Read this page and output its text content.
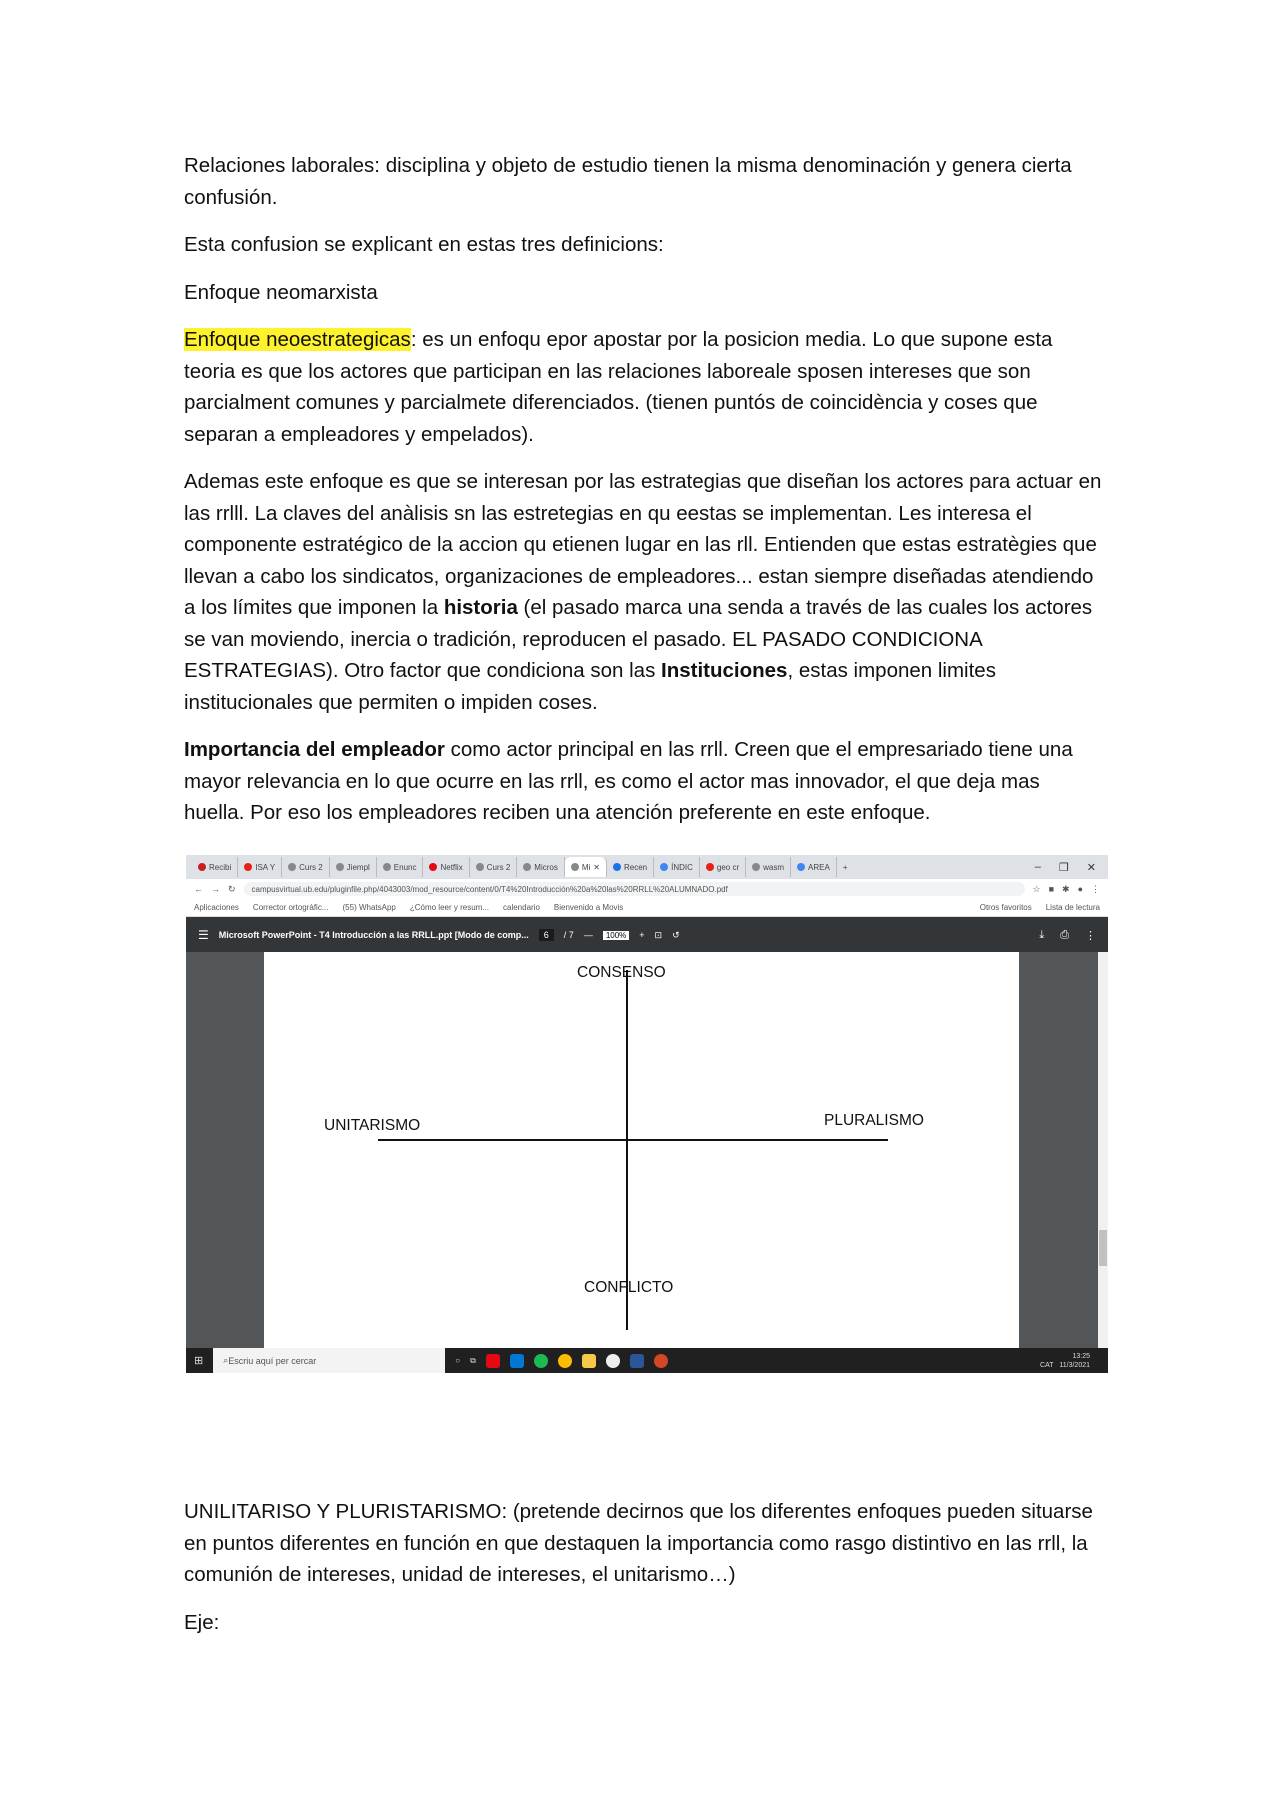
Relaciones laborales: disciplina y objeto de estudio tienen la misma denominación y genera cierta confusión.

Esta confusion se explicant en estas tres definicions:

Enfoque neomarxista

Enfoque neoestrategicas: es un enfoqu epor apostar por la posicion media. Lo que supone esta teoria es que los actores que participan en las relaciones laboreale sposen intereses que son parcialment comunes y parcialmete diferenciados. (tienen puntós de coincidència y coses que separan a empleadores y empelados).

Ademas este enfoque es que se interesan por las estrategias que diseñan los actores para actuar en las rrlll. La claves del anàlisis sn las estretegias en qu eestas se implementan. Les interesa el componente estratégico de la accion qu etienen lugar en las rll. Entienden que estas estratègies que llevan a cabo los sindicatos, organizaciones de empleadores... estan siempre diseñadas atendiendo a los límites que imponen la historia (el pasado marca una senda a través de las cuales los actores se van moviendo, inercia o tradición, reproducen el pasado. EL PASADO CONDICIONA ESTRATEGIAS). Otro factor que condiciona son las Instituciones, estas imponen limites institucionales que permiten o impiden coses.

Importancia del empleador como actor principal en las rrll. Creen que el empresariado tiene una mayor relevancia en lo que ocurre en las rrll, es como el actor mas innovador, el que deja mas huella. Por eso los empleadores reciben una atención preferente en este enfoque.

Recibi	ISA Y	Curs 2	Jiempl	Enunc	Netflix	Curs 2	Micros	Mi ✕	Recen	ÍNDIC	geo cr	wasm	AREA	+	– ❐ ✕
← → ↻	campusvirtual.ub.edu/pluginfile.php/4043003/mod_resource/content/0/T4%20Introducción%20a%20las%20RRLL%20ALUMNADO.pdf	☆ ■ ✱ ● ⋮
Aplicaciones Corrector ortogràfic... (55) WhatsApp ¿Cómo leer y resum... calendario Bienvenido a Movis	Otros favoritos Lista de lectura
☰ Microsoft PowerPoint - T4 Introducción a las RRLL.ppt [Modo de comp...	6	/ 7 —	100%	+ ⊡ ↺	⤓ ⎙ ⋮
CONSENSO
CONFLICTO
UNITARISMO	PLURALISMO
⊞ ⌕ Escriu aquí per cercar	○ ⧉
CAT   13:25
11/3/2021

UNILITARISO Y PLURISTARISMO: (pretende decirnos que los diferentes enfoques pueden situarse en puntos diferentes en función en que destaquen la importancia como rasgo distintivo en las rrll, la comunión de intereses, unidad de intereses, el unitarismo…)

Eje:
